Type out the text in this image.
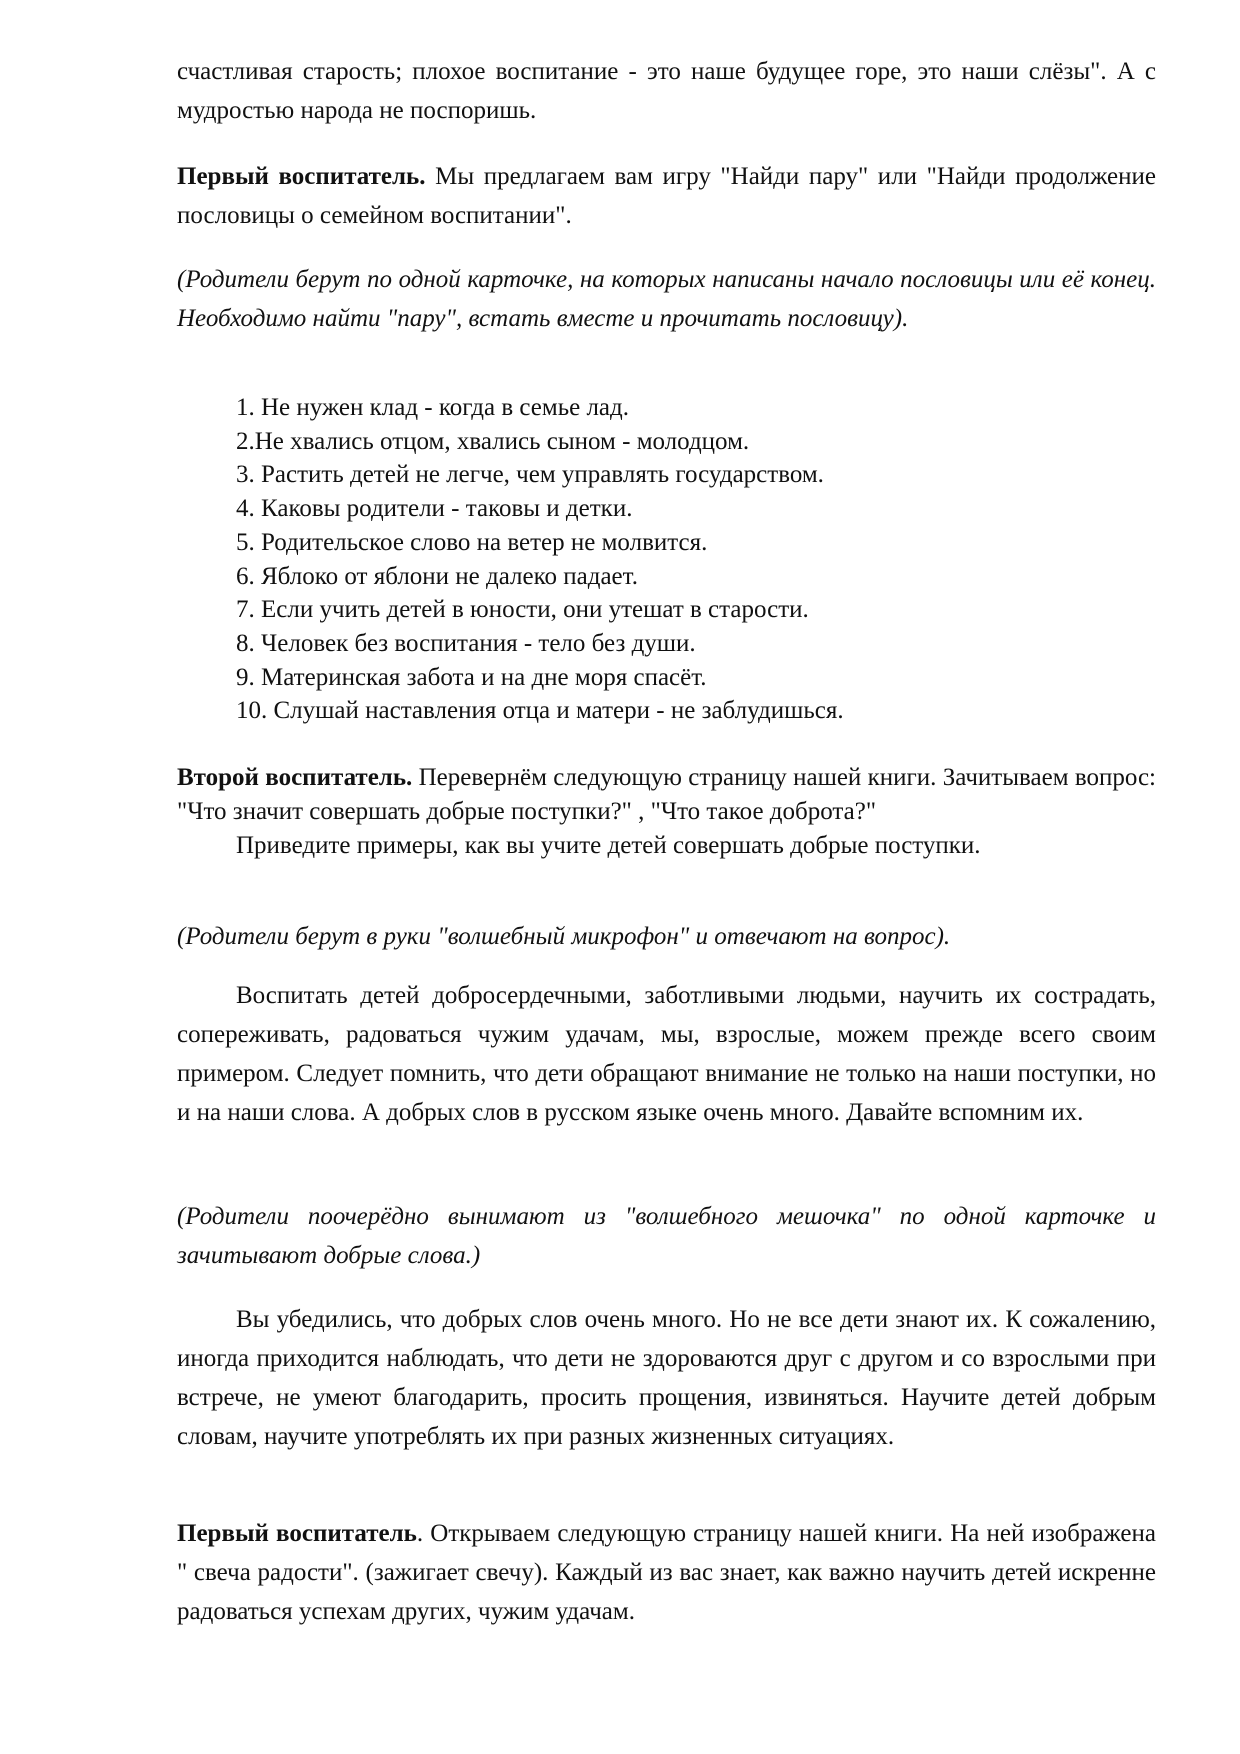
счастливая старость; плохое воспитание - это наше будущее горе, это наши слёзы". А с мудростью народа не поспоришь.

Первый воспитатель. Мы предлагаем вам игру "Найди пару" или "Найди продолжение пословицы о семейном воспитании".

(Родители берут по одной карточке, на которых написаны начало пословицы или её конец. Необходимо найти "пару", встать вместе и прочитать пословицу).

1. Не нужен клад - когда в семье лад.
2.Не хвались отцом, хвались сыном - молодцом.
3. Растить детей не легче, чем управлять государством.
4. Каковы родители - таковы и детки.
5. Родительское слово на ветер не молвится.
6. Яблоко от яблони не далеко падает.
7. Если учить детей в юности, они утешат в старости.
8. Человек без воспитания - тело без души.
9. Материнская забота и на дне моря спасёт.
10. Слушай наставления отца и матери - не заблудишься.
Второй воспитатель. Перевернём следующую страницу нашей книги. Зачитываем вопрос: "Что значит совершать добрые поступки?" , "Что такое доброта?"
Приведите примеры, как вы учите детей совершать добрые поступки.

(Родители берут в руки "волшебный микрофон" и отвечают на вопрос).

Воспитать детей добросердечными, заботливыми людьми, научить их сострадать, сопереживать, радоваться чужим удачам, мы, взрослые, можем прежде всего своим примером. Следует помнить, что дети обращают внимание не только на наши поступки, но и на наши слова. А добрых слов в русском языке очень много. Давайте вспомним их.

(Родители поочерёдно вынимают из "волшебного мешочка" по одной карточке и зачитывают добрые слова.)

Вы убедились, что добрых слов очень много. Но не все дети знают их. К сожалению, иногда приходится наблюдать, что дети не здороваются друг с другом и со взрослыми при встрече, не умеют благодарить, просить прощения, извиняться. Научите детей добрым словам, научите употреблять их при разных жизненных ситуациях.

Первый воспитатель. Открываем следующую страницу нашей книги. На ней изображена " свеча радости". (зажигает свечу). Каждый из вас знает, как важно научить детей искренне радоваться успехам других, чужим удачам.
